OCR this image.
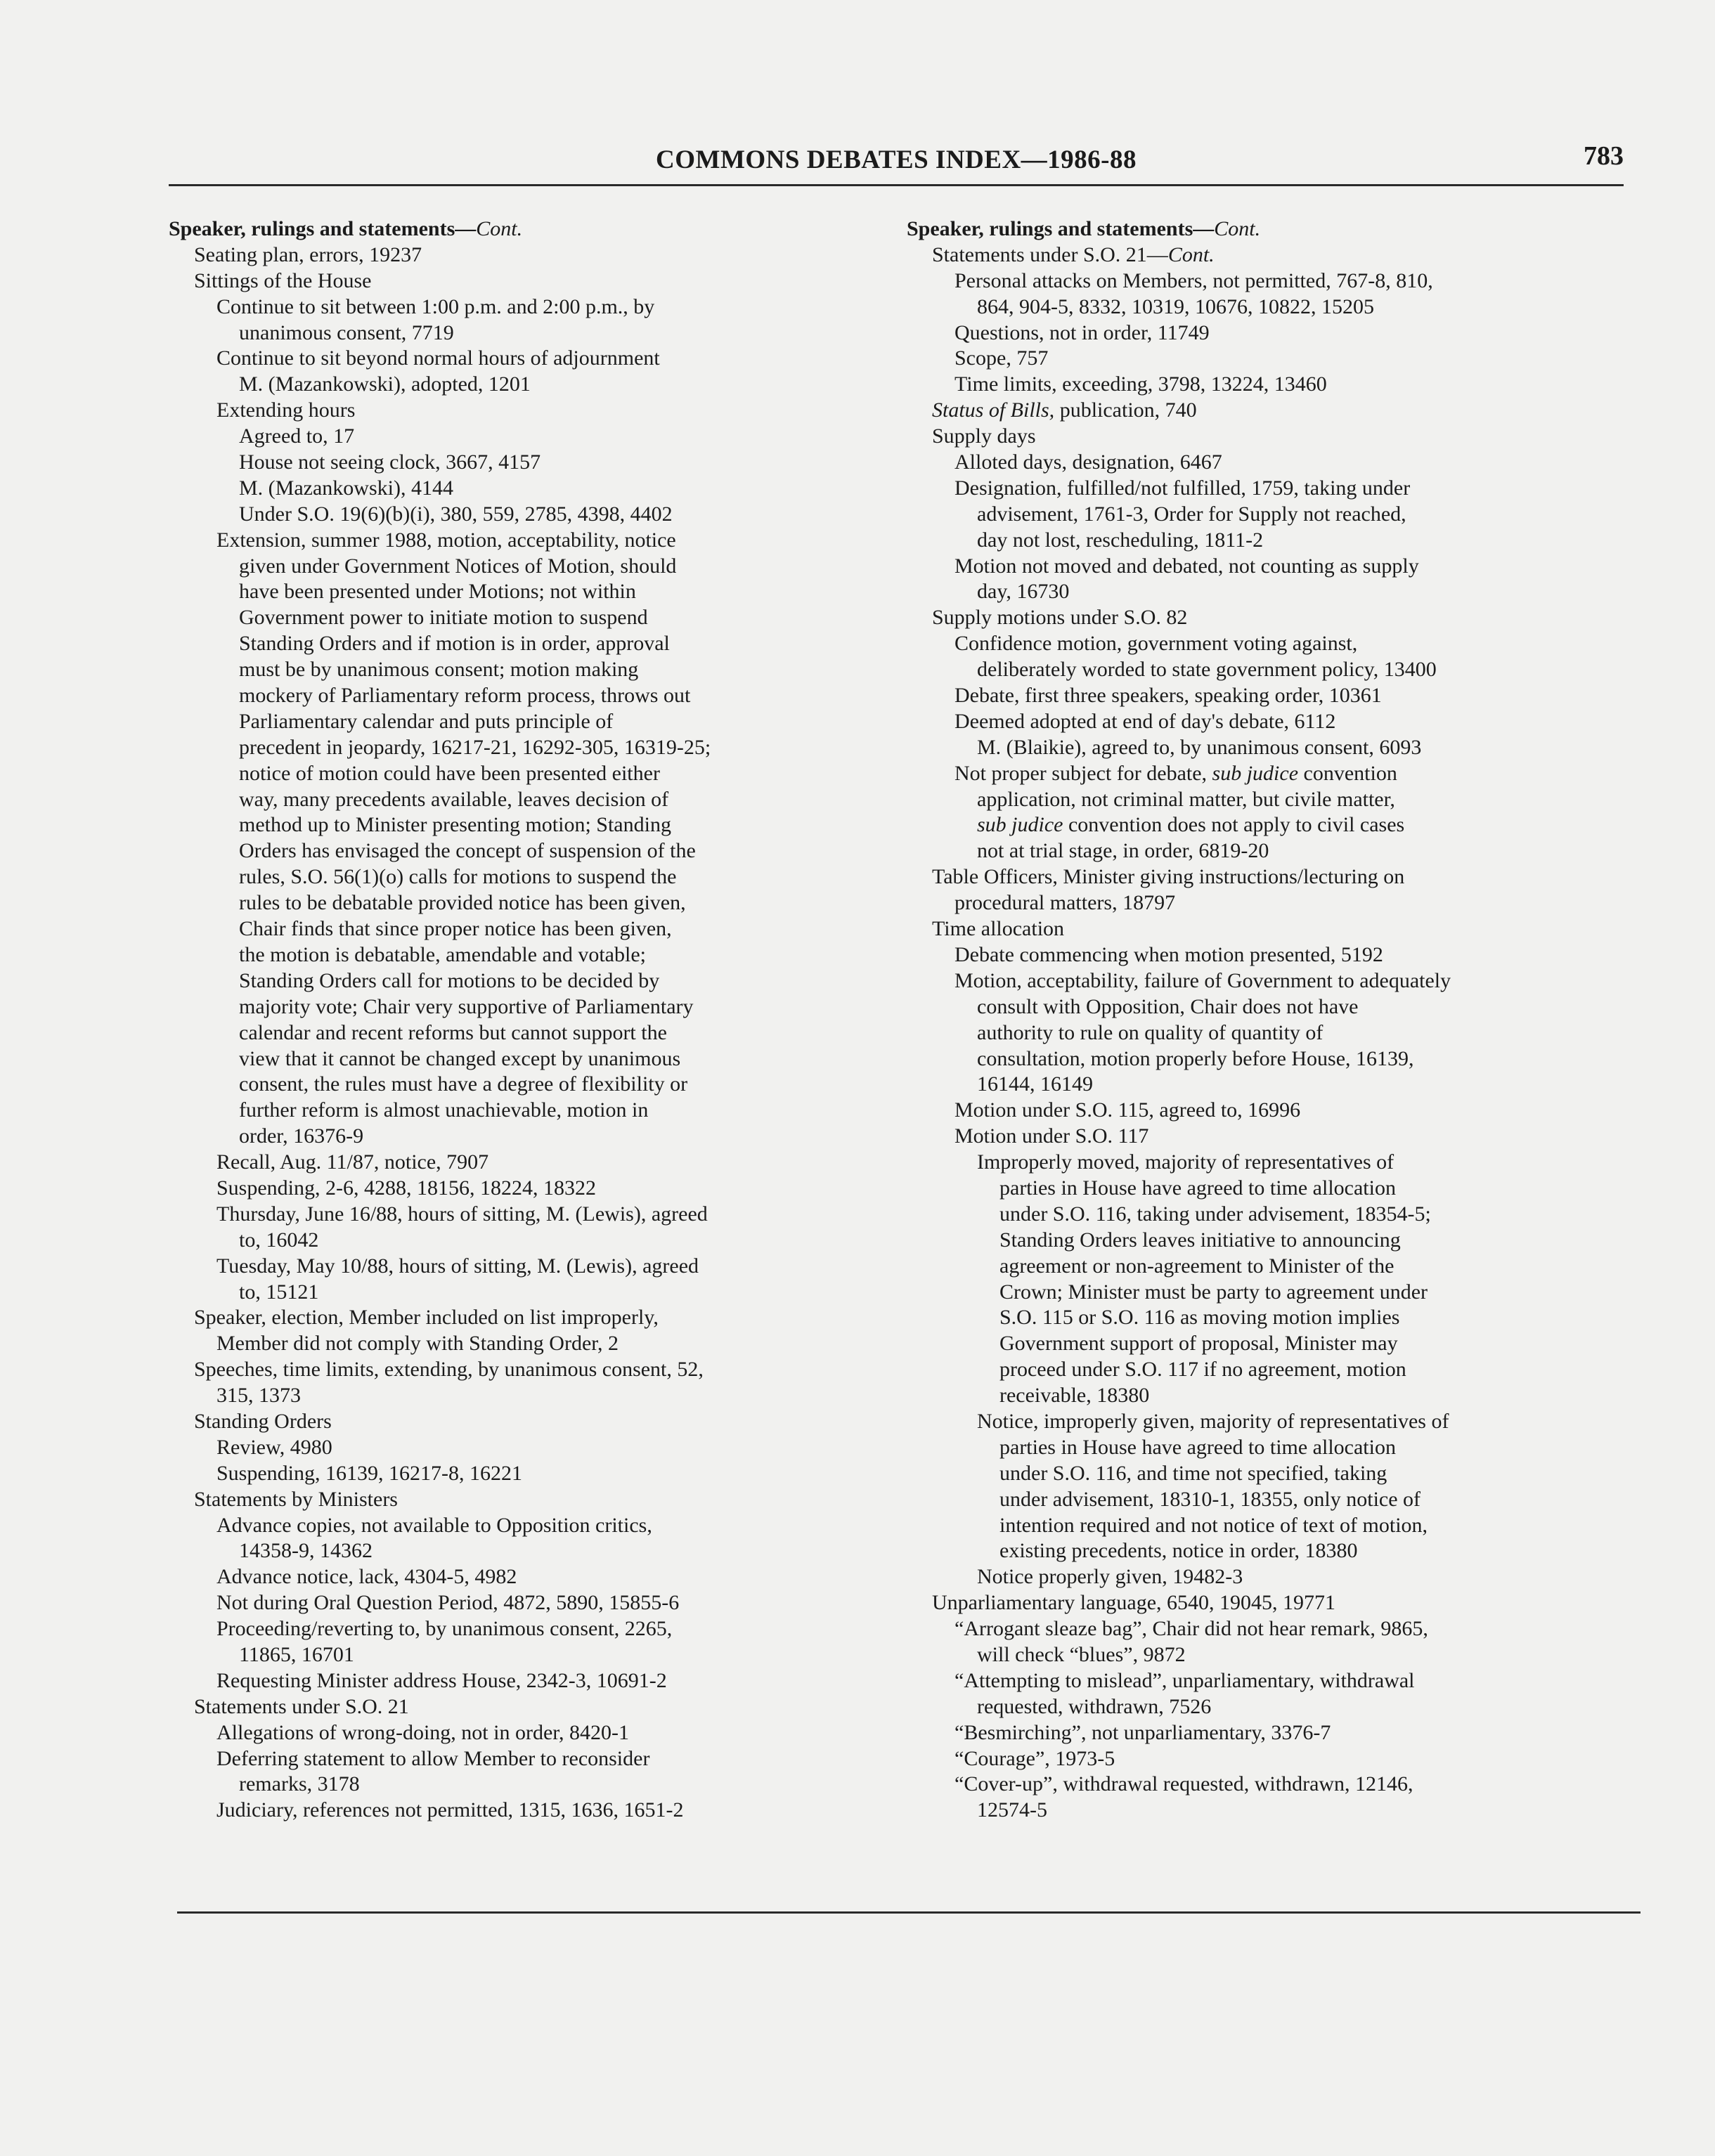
COMMONS DEBATES INDEX—1986-88	783
Speaker, rulings and statements—Cont.
Seating plan, errors, 19237
Sittings of the House
Continue to sit between 1:00 p.m. and 2:00 p.m., by
unanimous consent, 7719
Continue to sit beyond normal hours of adjournment
M. (Mazankowski), adopted, 1201
Extending hours
Agreed to, 17
House not seeing clock, 3667, 4157
M. (Mazankowski), 4144
Under S.O. 19(6)(b)(i), 380, 559, 2785, 4398, 4402
Extension, summer 1988, motion, acceptability, notice
given under Government Notices of Motion, should
have been presented under Motions; not within
Government power to initiate motion to suspend
Standing Orders and if motion is in order, approval
must be by unanimous consent; motion making
mockery of Parliamentary reform process, throws out
Parliamentary calendar and puts principle of
precedent in jeopardy, 16217-21, 16292-305, 16319-25;
notice of motion could have been presented either
way, many precedents available, leaves decision of
method up to Minister presenting motion; Standing
Orders has envisaged the concept of suspension of the
rules, S.O. 56(1)(o) calls for motions to suspend the
rules to be debatable provided notice has been given,
Chair finds that since proper notice has been given,
the motion is debatable, amendable and votable;
Standing Orders call for motions to be decided by
majority vote; Chair very supportive of Parliamentary
calendar and recent reforms but cannot support the
view that it cannot be changed except by unanimous
consent, the rules must have a degree of flexibility or
further reform is almost unachievable, motion in
order, 16376-9
Recall, Aug. 11/87, notice, 7907
Suspending, 2-6, 4288, 18156, 18224, 18322
Thursday, June 16/88, hours of sitting, M. (Lewis), agreed
to, 16042
Tuesday, May 10/88, hours of sitting, M. (Lewis), agreed
to, 15121
Speaker, election, Member included on list improperly,
Member did not comply with Standing Order, 2
Speeches, time limits, extending, by unanimous consent, 52,
315, 1373
Standing Orders
Review, 4980
Suspending, 16139, 16217-8, 16221
Statements by Ministers
Advance copies, not available to Opposition critics,
14358-9, 14362
Advance notice, lack, 4304-5, 4982
Not during Oral Question Period, 4872, 5890, 15855-6
Proceeding/reverting to, by unanimous consent, 2265,
11865, 16701
Requesting Minister address House, 2342-3, 10691-2
Statements under S.O. 21
Allegations of wrong-doing, not in order, 8420-1
Deferring statement to allow Member to reconsider
remarks, 3178
Judiciary, references not permitted, 1315, 1636, 1651-2
Speaker, rulings and statements—Cont.
Statements under S.O. 21—Cont.
Personal attacks on Members, not permitted, 767-8, 810,
864, 904-5, 8332, 10319, 10676, 10822, 15205
Questions, not in order, 11749
Scope, 757
Time limits, exceeding, 3798, 13224, 13460
Status of Bills, publication, 740
Supply days
Alloted days, designation, 6467
Designation, fulfilled/not fulfilled, 1759, taking under
advisement, 1761-3, Order for Supply not reached,
day not lost, rescheduling, 1811-2
Motion not moved and debated, not counting as supply
day, 16730
Supply motions under S.O. 82
Confidence motion, government voting against,
deliberately worded to state government policy, 13400
Debate, first three speakers, speaking order, 10361
Deemed adopted at end of day's debate, 6112
M. (Blaikie), agreed to, by unanimous consent, 6093
Not proper subject for debate, sub judice convention
application, not criminal matter, but civile matter,
sub judice convention does not apply to civil cases
not at trial stage, in order, 6819-20
Table Officers, Minister giving instructions/lecturing on
procedural matters, 18797
Time allocation
Debate commencing when motion presented, 5192
Motion, acceptability, failure of Government to adequately
consult with Opposition, Chair does not have
authority to rule on quality of quantity of
consultation, motion properly before House, 16139,
16144, 16149
Motion under S.O. 115, agreed to, 16996
Motion under S.O. 117
Improperly moved, majority of representatives of
parties in House have agreed to time allocation
under S.O. 116, taking under advisement, 18354-5;
Standing Orders leaves initiative to announcing
agreement or non-agreement to Minister of the
Crown; Minister must be party to agreement under
S.O. 115 or S.O. 116 as moving motion implies
Government support of proposal, Minister may
proceed under S.O. 117 if no agreement, motion
receivable, 18380
Notice, improperly given, majority of representatives of
parties in House have agreed to time allocation
under S.O. 116, and time not specified, taking
under advisement, 18310-1, 18355, only notice of
intention required and not notice of text of motion,
existing precedents, notice in order, 18380
Notice properly given, 19482-3
Unparliamentary language, 6540, 19045, 19771
“Arrogant sleaze bag”, Chair did not hear remark, 9865,
will check “blues”, 9872
“Attempting to mislead”, unparliamentary, withdrawal
requested, withdrawn, 7526
“Besmirching”, not unparliamentary, 3376-7
“Courage”, 1973-5
“Cover-up”, withdrawal requested, withdrawn, 12146,
12574-5
